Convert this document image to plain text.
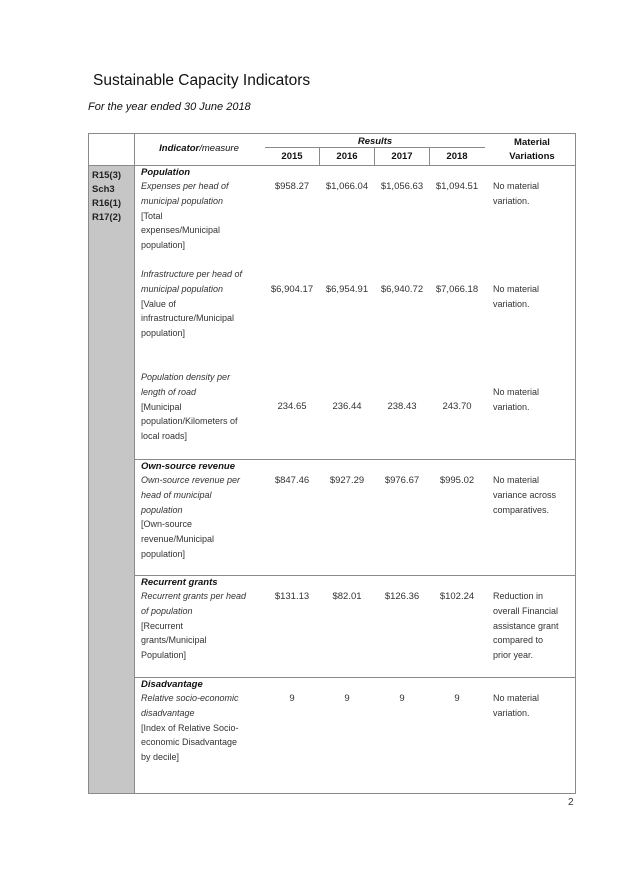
Sustainable Capacity Indicators
For the year ended 30 June 2018
Indicator/measure
Results
2015	2016	2017	2018
Material
Variations
R15(3)
Sch3
R16(1)
R17(2)
Population
Expenses per head of
municipal population
[Total
expenses/Municipal
population]
$958.27	$1,066.04	$1,056.63	$1,094.51	No material
variation.
Infrastructure per head of
municipal population
[Value of
infrastructure/Municipal
population]
$6,904.17	$6,954.91	$6,940.72	$7,066.18	No material
variation.
Population density per
length of road
[Municipal
population/Kilometers of
local roads]
234.65	236.44	238.43	243.70
No material
variation.
Own-source revenue
Own-source revenue per
head of municipal
population
[Own-source
revenue/Municipal
population]
$847.46	$927.29	$976.67	$995.02	No material
variance across
comparatives.
Recurrent grants
Recurrent grants per head
of population
[Recurrent
grants/Municipal
Population]
$131.13	$82.01	$126.36	$102.24	Reduction in
overall Financial
assistance grant
compared to
prior year.
Disadvantage
Relative socio-economic
disadvantage
[Index of Relative Socio-
economic Disadvantage
by decile]
9	9	9	9	No material
variation.
2
